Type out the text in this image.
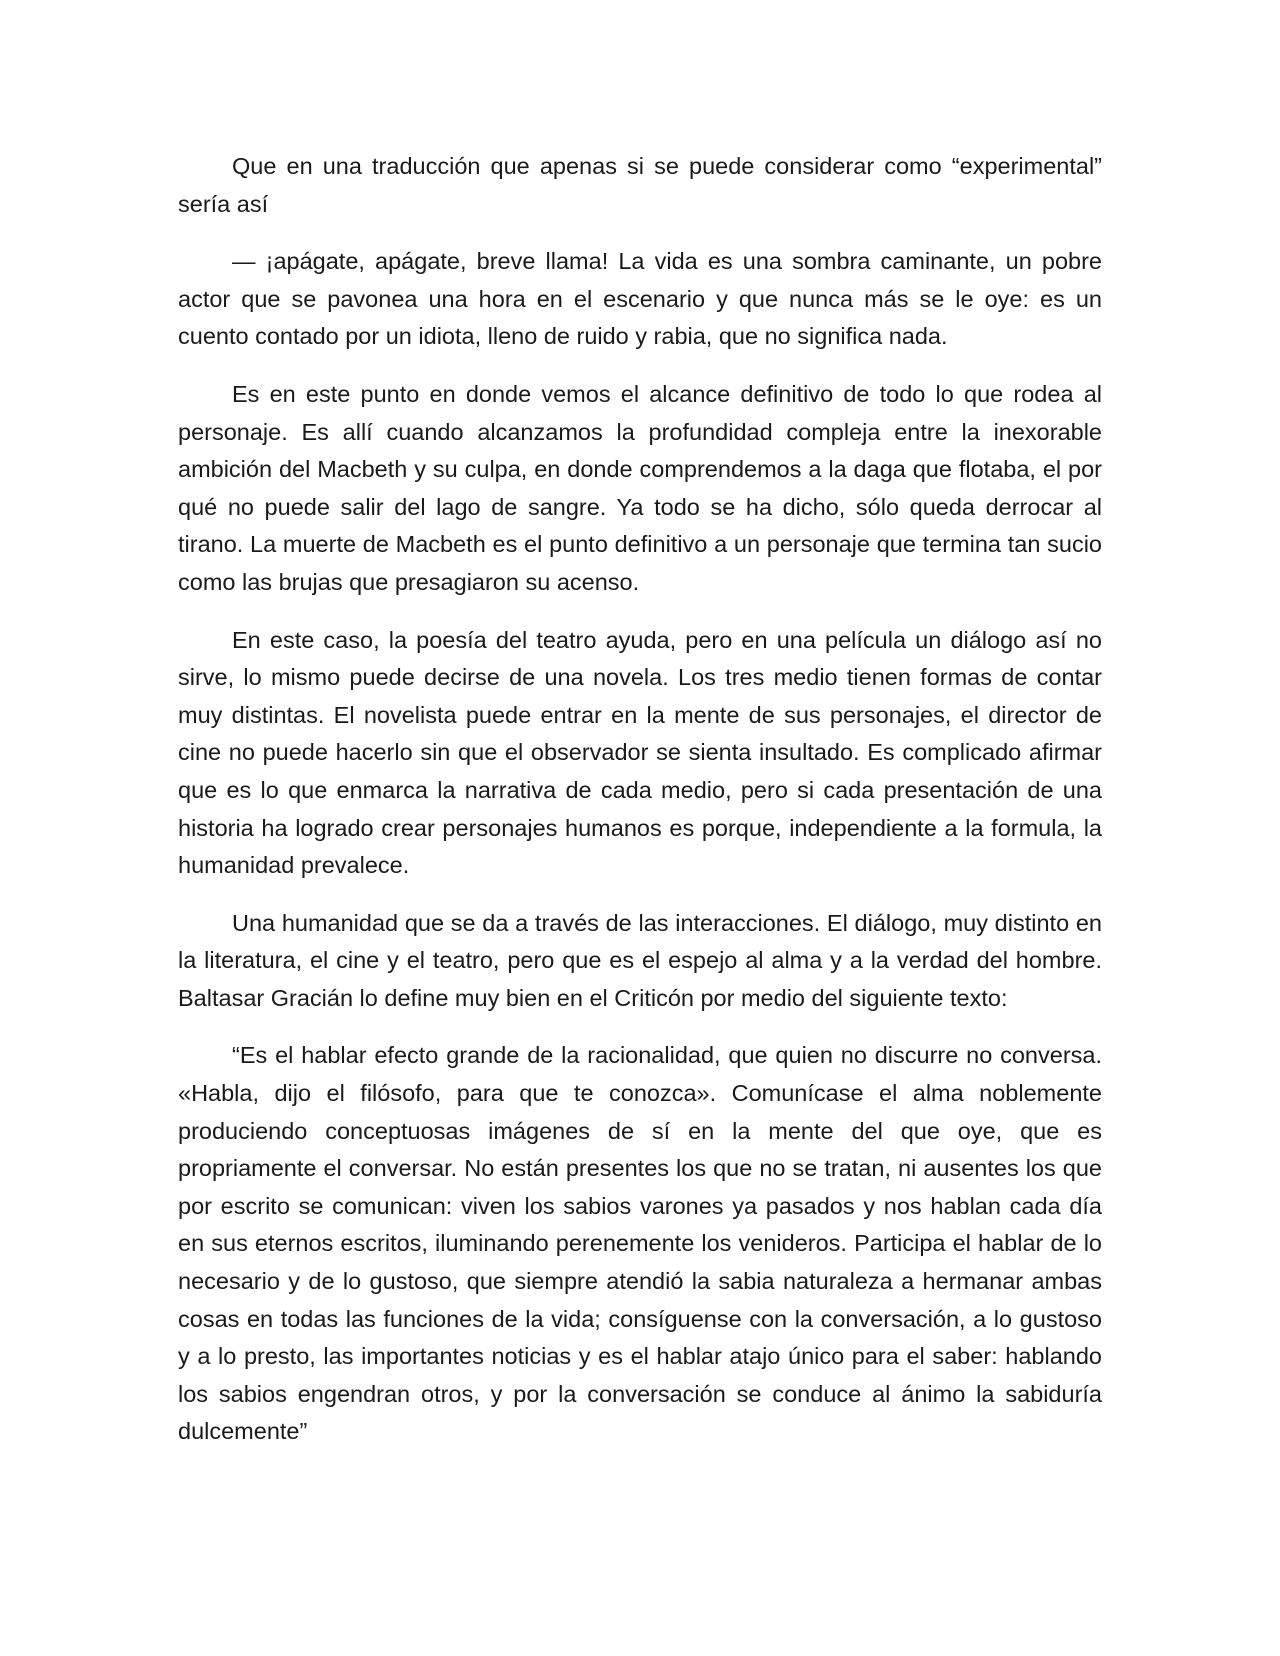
Que en una traducción que apenas si se puede considerar como “experimental” sería así

— ¡apágate, apágate, breve llama! La vida es una sombra caminante, un pobre actor que se pavonea una hora en el escenario y que nunca más se le oye: es un cuento contado por un idiota, lleno de ruido y rabia, que no significa nada.

Es en este punto en donde vemos el alcance definitivo de todo lo que rodea al personaje. Es allí cuando alcanzamos la profundidad compleja entre la inexorable ambición del Macbeth y su culpa, en donde comprendemos a la daga que flotaba, el por qué no puede salir del lago de sangre. Ya todo se ha dicho, sólo queda derrocar al tirano. La muerte de Macbeth es el punto definitivo a un personaje que termina tan sucio como las brujas que presagiaron su acenso.

En este caso, la poesía del teatro ayuda, pero en una película un diálogo así no sirve, lo mismo puede decirse de una novela. Los tres medio tienen formas de contar muy distintas. El novelista puede entrar en la mente de sus personajes, el director de cine no puede hacerlo sin que el observador se sienta insultado. Es complicado afirmar que es lo que enmarca la narrativa de cada medio, pero si cada presentación de una historia ha logrado crear personajes humanos es porque, independiente a la formula, la humanidad prevalece.

Una humanidad que se da a través de las interacciones. El diálogo, muy distinto en la literatura, el cine y el teatro, pero que es el espejo al alma y a la verdad del hombre. Baltasar Gracián lo define muy bien en el Criticón por medio del siguiente texto:

“Es el hablar efecto grande de la racionalidad, que quien no discurre no conversa. «Habla, dijo el filósofo, para que te conozca». Comunícase el alma noblemente produciendo conceptuosas imágenes de sí en la mente del que oye, que es propriamente el conversar. No están presentes los que no se tratan, ni ausentes los que por escrito se comunican: viven los sabios varones ya pasados y nos hablan cada día en sus eternos escritos, iluminando perenemente los venideros. Participa el hablar de lo necesario y de lo gustoso, que siempre atendió la sabia naturaleza a hermanar ambas cosas en todas las funciones de la vida; consíguense con la conversación, a lo gustoso y a lo presto, las importantes noticias y es el hablar atajo único para el saber: hablando los sabios engendran otros, y por la conversación se conduce al ánimo la sabiduría dulcemente”
